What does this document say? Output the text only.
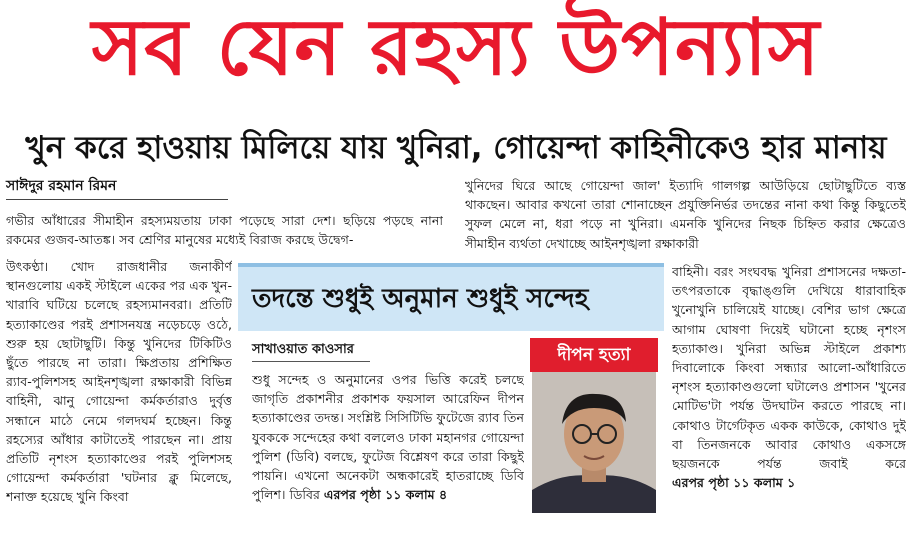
সব যেন রহস্য উপন্যাস
খুন করে হাওয়ায় মিলিয়ে যায় খুনিরা, গোয়েন্দা কাহিনীকেও হার মানায়
সাঈদুর রহমান রিমন

গভীর আঁধারের সীমাহীন রহস্যময়তায় ঢাকা পড়েছে সারা দেশ। ছড়িয়ে পড়ছে নানা রকমের গুজব-আতঙ্ক। সব শ্রেণির মানুষের মধ্যেই বিরাজ করছে উদ্বেগ-

উৎকণ্ঠা। খোদ রাজধানীর জনাকীর্ণ স্থানগুলোয় একই স্টাইলে একের পর এক খুন-খারাবি ঘটিয়ে চলেছে রহস্যমানবরা। প্রতিটি হত্যাকাণ্ডের পরই প্রশাসনযন্ত্র নড়েচড়ে ওঠে, শুরু হয় ছোটাছুটি। কিন্তু খুনিদের টিকিটিও ছুঁতে পারছে না তারা। ক্ষিপ্রতায় প্রশিক্ষিত র‌্যাব-পুলিশসহ আইনশৃঙ্খলা রক্ষাকারী বিভিন্ন বাহিনী, ঝানু গোয়েন্দা কর্মকর্তারাও দুর্বৃত্ত সন্ধানে মাঠে নেমে গলদঘর্ম হচ্ছেন। কিন্তু রহস্যের আঁধার কাটাতেই পারছেন না। প্রায় প্রতিটি নৃশংস হত্যাকাণ্ডের পরই পুলিশসহ গোয়েন্দা কর্মকর্তারা 'ঘটনার ক্লু মিলেছে, শনাক্ত হয়েছে খুনি কিংবা

খুনিদের ঘিরে আছে গোয়েন্দা জাল' ইত্যাদি গালগল্প আউড়িয়ে ছোটাছুটিতে ব্যস্ত থাকছেন। আবার কখনো তারা শোনাচ্ছেন প্রযুক্তিনির্ভর তদন্তের নানা কথা কিন্তু কিছুতেই সুফল মেলে না, ধরা পড়ে না খুনিরা। এমনকি খুনিদের নিছক চিহ্নিত করার ক্ষেত্রেও সীমাহীন ব্যর্থতা দেখাচ্ছে আইনশৃঙ্খলা রক্ষাকারী

বাহিনী। বরং সংঘবদ্ধ খুনিরা প্রশাসনের দক্ষতা-তৎপরতাকে বৃদ্ধাঙ্গুলি দেখিয়ে ধারাবাহিক খুনোখুনি চালিয়েই যাচ্ছে। বেশির ভাগ ক্ষেত্রে আগাম ঘোষণা দিয়েই ঘটানো হচ্ছে নৃশংস হত্যাকাণ্ড। খুনিরা অভিন্ন স্টাইলে প্রকাশ্য দিবালোকে কিংবা সন্ধ্যার আলো-আঁধারিতে নৃশংস হত্যাকাণ্ডগুলো ঘটালেও প্রশাসন 'খুনের মোটিভ'টা পর্যন্ত উদঘাটন করতে পারছে না। কোথাও টার্গেটকৃত একক কাউকে, কোথাও দুই বা তিনজনকে আবার কোথাও একসঙ্গে ছয়জনকে পর্যন্ত জবাই করে এরপর পৃষ্ঠা ১১ কলাম ১

তদন্তে শুধুই অনুমান শুধুই সন্দেহ
সাখাওয়াত কাওসার	দীপন হত্যা

শুধু সন্দেহ ও অনুমানের ওপর ভিত্তি করেই চলছে জাগৃতি প্রকাশনীর প্রকাশক ফয়সাল আরেফিন দীপন হত্যাকাণ্ডের তদন্ত। সংশ্লিষ্ট সিসিটিভি ফুটেজে র‌্যাব তিন যুবককে সন্দেহের কথা বললেও ঢাকা মহানগর গোয়েন্দা পুলিশ (ডিবি) বলছে, ফুটেজ বিশ্লেষণ করে তারা কিছুই পায়নি। এখনো অনেকটা অন্ধকারেই হাতরাচ্ছে ডিবি পুলিশ। ডিবির এরপর পৃষ্ঠা ১১ কলাম ৪
